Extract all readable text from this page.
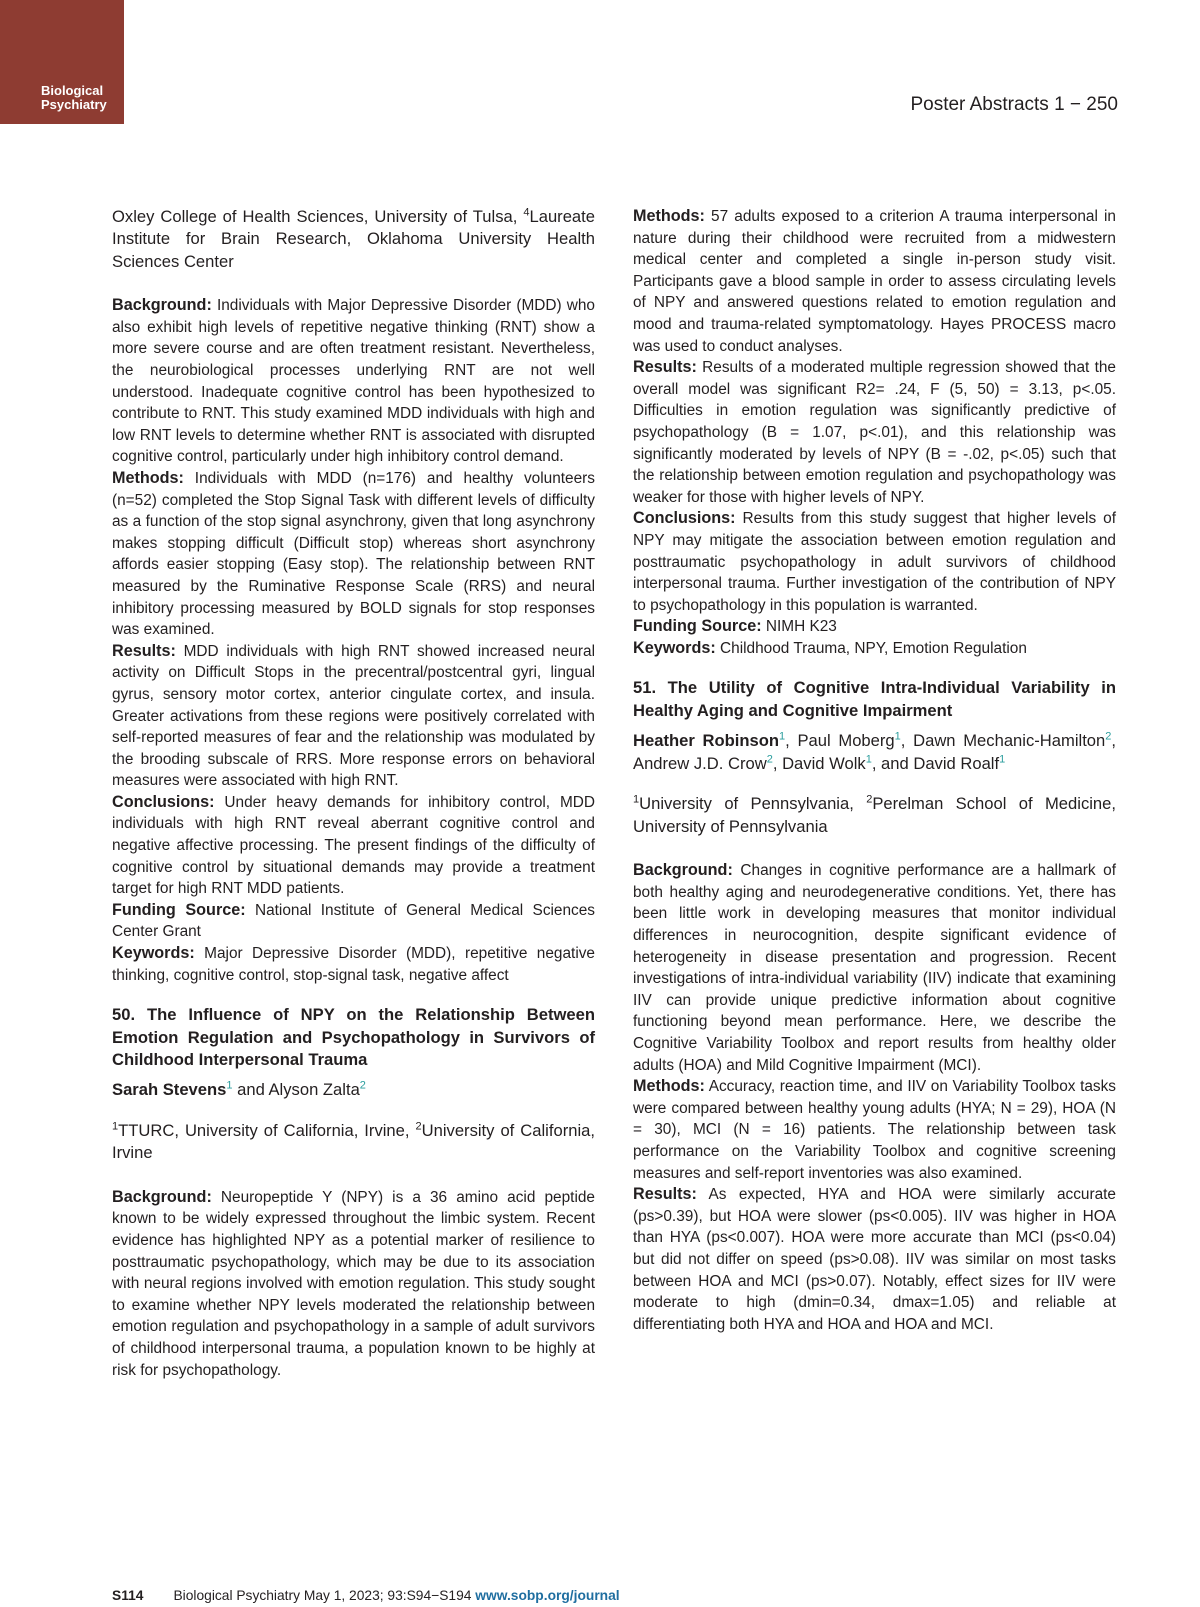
Biological
Psychiatry	Poster Abstracts 1 − 250

Oxley College of Health Sciences, University of Tulsa, $^4$Laureate Institute for Brain Research, Oklahoma University Health Sciences Center

Background: Individuals with Major Depressive Disorder (MDD) who also exhibit high levels of repetitive negative thinking (RNT) show a more severe course and are often treatment resistant. Nevertheless, the neurobiological processes underlying RNT are not well understood. Inadequate cognitive control has been hypothesized to contribute to RNT. This study examined MDD individuals with high and low RNT levels to determine whether RNT is associated with disrupted cognitive control, particularly under high inhibitory control demand.

Methods: Individuals with MDD (n=176) and healthy volunteers (n=52) completed the Stop Signal Task with different levels of difficulty as a function of the stop signal asynchrony, given that long asynchrony makes stopping difficult (Difficult stop) whereas short asynchrony affords easier stopping (Easy stop). The relationship between RNT measured by the Ruminative Response Scale (RRS) and neural inhibitory processing measured by BOLD signals for stop responses was examined.

Results: MDD individuals with high RNT showed increased neural activity on Difficult Stops in the precentral/postcentral gyri, lingual gyrus, sensory motor cortex, anterior cingulate cortex, and insula. Greater activations from these regions were positively correlated with self-reported measures of fear and the relationship was modulated by the brooding subscale of RRS. More response errors on behavioral measures were associated with high RNT.

Conclusions: Under heavy demands for inhibitory control, MDD individuals with high RNT reveal aberrant cognitive control and negative affective processing. The present findings of the difficulty of cognitive control by situational demands may provide a treatment target for high RNT MDD patients.

Funding Source: National Institute of General Medical Sciences Center Grant

Keywords: Major Depressive Disorder (MDD), repetitive negative thinking, cognitive control, stop-signal task, negative affect

50. The Influence of NPY on the Relationship Between Emotion Regulation and Psychopathology in Survivors of Childhood Interpersonal Trauma

Sarah Stevens$^1$ and Alyson Zalta$^2$

$^1$TTURC, University of California, Irvine, $^2$University of California, Irvine

Background: Neuropeptide Y (NPY) is a 36 amino acid peptide known to be widely expressed throughout the limbic system. Recent evidence has highlighted NPY as a potential marker of resilience to posttraumatic psychopathology, which may be due to its association with neural regions involved with emotion regulation. This study sought to examine whether NPY levels moderated the relationship between emotion regulation and psychopathology in a sample of adult survivors of childhood interpersonal trauma, a population known to be highly at risk for psychopathology.

Methods: 57 adults exposed to a criterion A trauma interpersonal in nature during their childhood were recruited from a midwestern medical center and completed a single in-person study visit. Participants gave a blood sample in order to assess circulating levels of NPY and answered questions related to emotion regulation and mood and trauma-related symptomatology. Hayes PROCESS macro was used to conduct analyses.

Results: Results of a moderated multiple regression showed that the overall model was significant R2= .24, F (5, 50) = 3.13, p<.05. Difficulties in emotion regulation was significantly predictive of psychopathology (B = 1.07, p<.01), and this relationship was significantly moderated by levels of NPY (B = -.02, p<.05) such that the relationship between emotion regulation and psychopathology was weaker for those with higher levels of NPY.

Conclusions: Results from this study suggest that higher levels of NPY may mitigate the association between emotion regulation and posttraumatic psychopathology in adult survivors of childhood interpersonal trauma. Further investigation of the contribution of NPY to psychopathology in this population is warranted.

Funding Source: NIMH K23

Keywords: Childhood Trauma, NPY, Emotion Regulation

51. The Utility of Cognitive Intra-Individual Variability in Healthy Aging and Cognitive Impairment

Heather Robinson$^1$, Paul Moberg$^1$, Dawn Mechanic-Hamilton$^2$, Andrew J.D. Crow$^2$, David Wolk$^1$, and David Roalf$^1$

$^1$University of Pennsylvania, $^2$Perelman School of Medicine, University of Pennsylvania

Background: Changes in cognitive performance are a hallmark of both healthy aging and neurodegenerative conditions. Yet, there has been little work in developing measures that monitor individual differences in neurocognition, despite significant evidence of heterogeneity in disease presentation and progression. Recent investigations of intra-individual variability (IIV) indicate that examining IIV can provide unique predictive information about cognitive functioning beyond mean performance. Here, we describe the Cognitive Variability Toolbox and report results from healthy older adults (HOA) and Mild Cognitive Impairment (MCI).

Methods: Accuracy, reaction time, and IIV on Variability Toolbox tasks were compared between healthy young adults (HYA; N = 29), HOA (N = 30), MCI (N = 16) patients. The relationship between task performance on the Variability Toolbox and cognitive screening measures and self-report inventories was also examined.

Results: As expected, HYA and HOA were similarly accurate (ps>0.39), but HOA were slower (ps<0.005). IIV was higher in HOA than HYA (ps<0.007). HOA were more accurate than MCI (ps<0.04) but did not differ on speed (ps>0.08). IIV was similar on most tasks between HOA and MCI (ps>0.07). Notably, effect sizes for IIV were moderate to high (dmin=0.34, dmax=1.05) and reliable at differentiating both HYA and HOA and HOA and MCI.

S114 Biological Psychiatry May 1, 2023; 93:S94−S194 www.sobp.org/journal
